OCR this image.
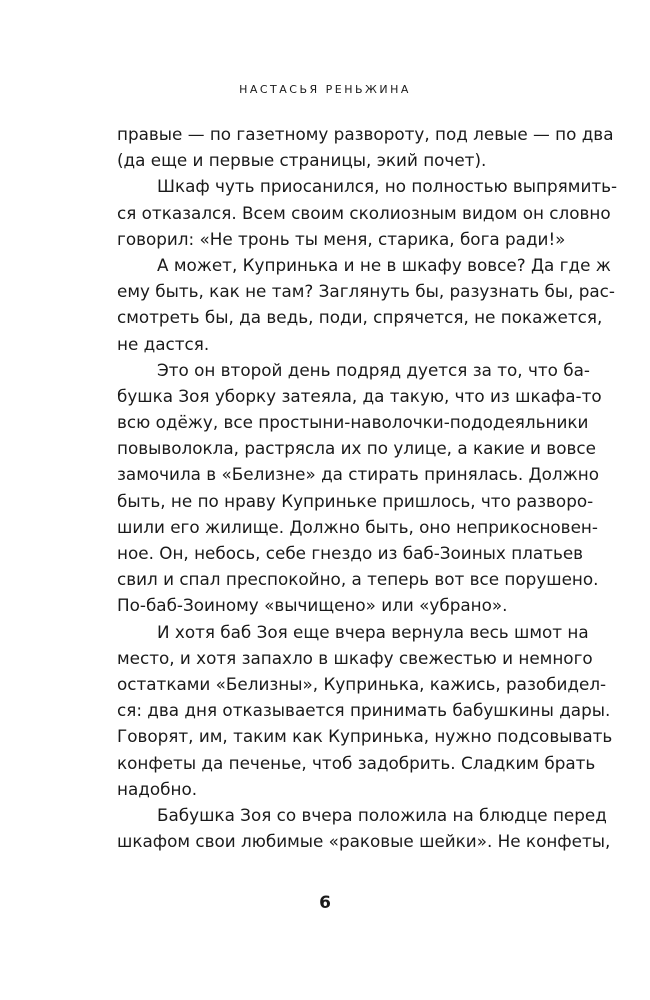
НАСТАСЬЯ РЕНЬЖИНА
правые — по газетному развороту, под левые — по два
(да еще и первые страницы, экий почет).
Шкаф чуть приосанился, но полностью выпрямить-
ся отказался. Всем своим сколиозным видом он словно
говорил: «Не тронь ты меня, старика, бога ради!»
А может, Купринька и не в шкафу вовсе? Да где ж
ему быть, как не там? Заглянуть бы, разузнать бы, рас-
смотреть бы, да ведь, поди, спрячется, не покажется,
не дастся.
Это он второй день подряд дуется за то, что ба-
бушка Зоя уборку затеяла, да такую, что из шкафа-то
всю одёжу, все простыни-наволочки-пододеяльники
повыволокла, растрясла их по улице, а какие и вовсе
замочила в «Белизне» да стирать принялась. Должно
быть, не по нраву Куприньке пришлось, что разворо-
шили его жилище. Должно быть, оно неприкосновен-
ное. Он, небось, себе гнездо из баб-Зоиных платьев
свил и спал преспокойно, а теперь вот все порушено.
По-баб-Зоиному «вычищено» или «убрано».
И хотя баб Зоя еще вчера вернула весь шмот на
место, и хотя запахло в шкафу свежестью и немного
остатками «Белизны», Купринька, кажись, разобидел-
ся: два дня отказывается принимать бабушкины дары.
Говорят, им, таким как Купринька, нужно подсовывать
конфеты да печенье, чтоб задобрить. Сладким брать
надобно.
Бабушка Зоя со вчера положила на блюдце перед
шкафом свои любимые «раковые шейки». Не конфеты,
6
